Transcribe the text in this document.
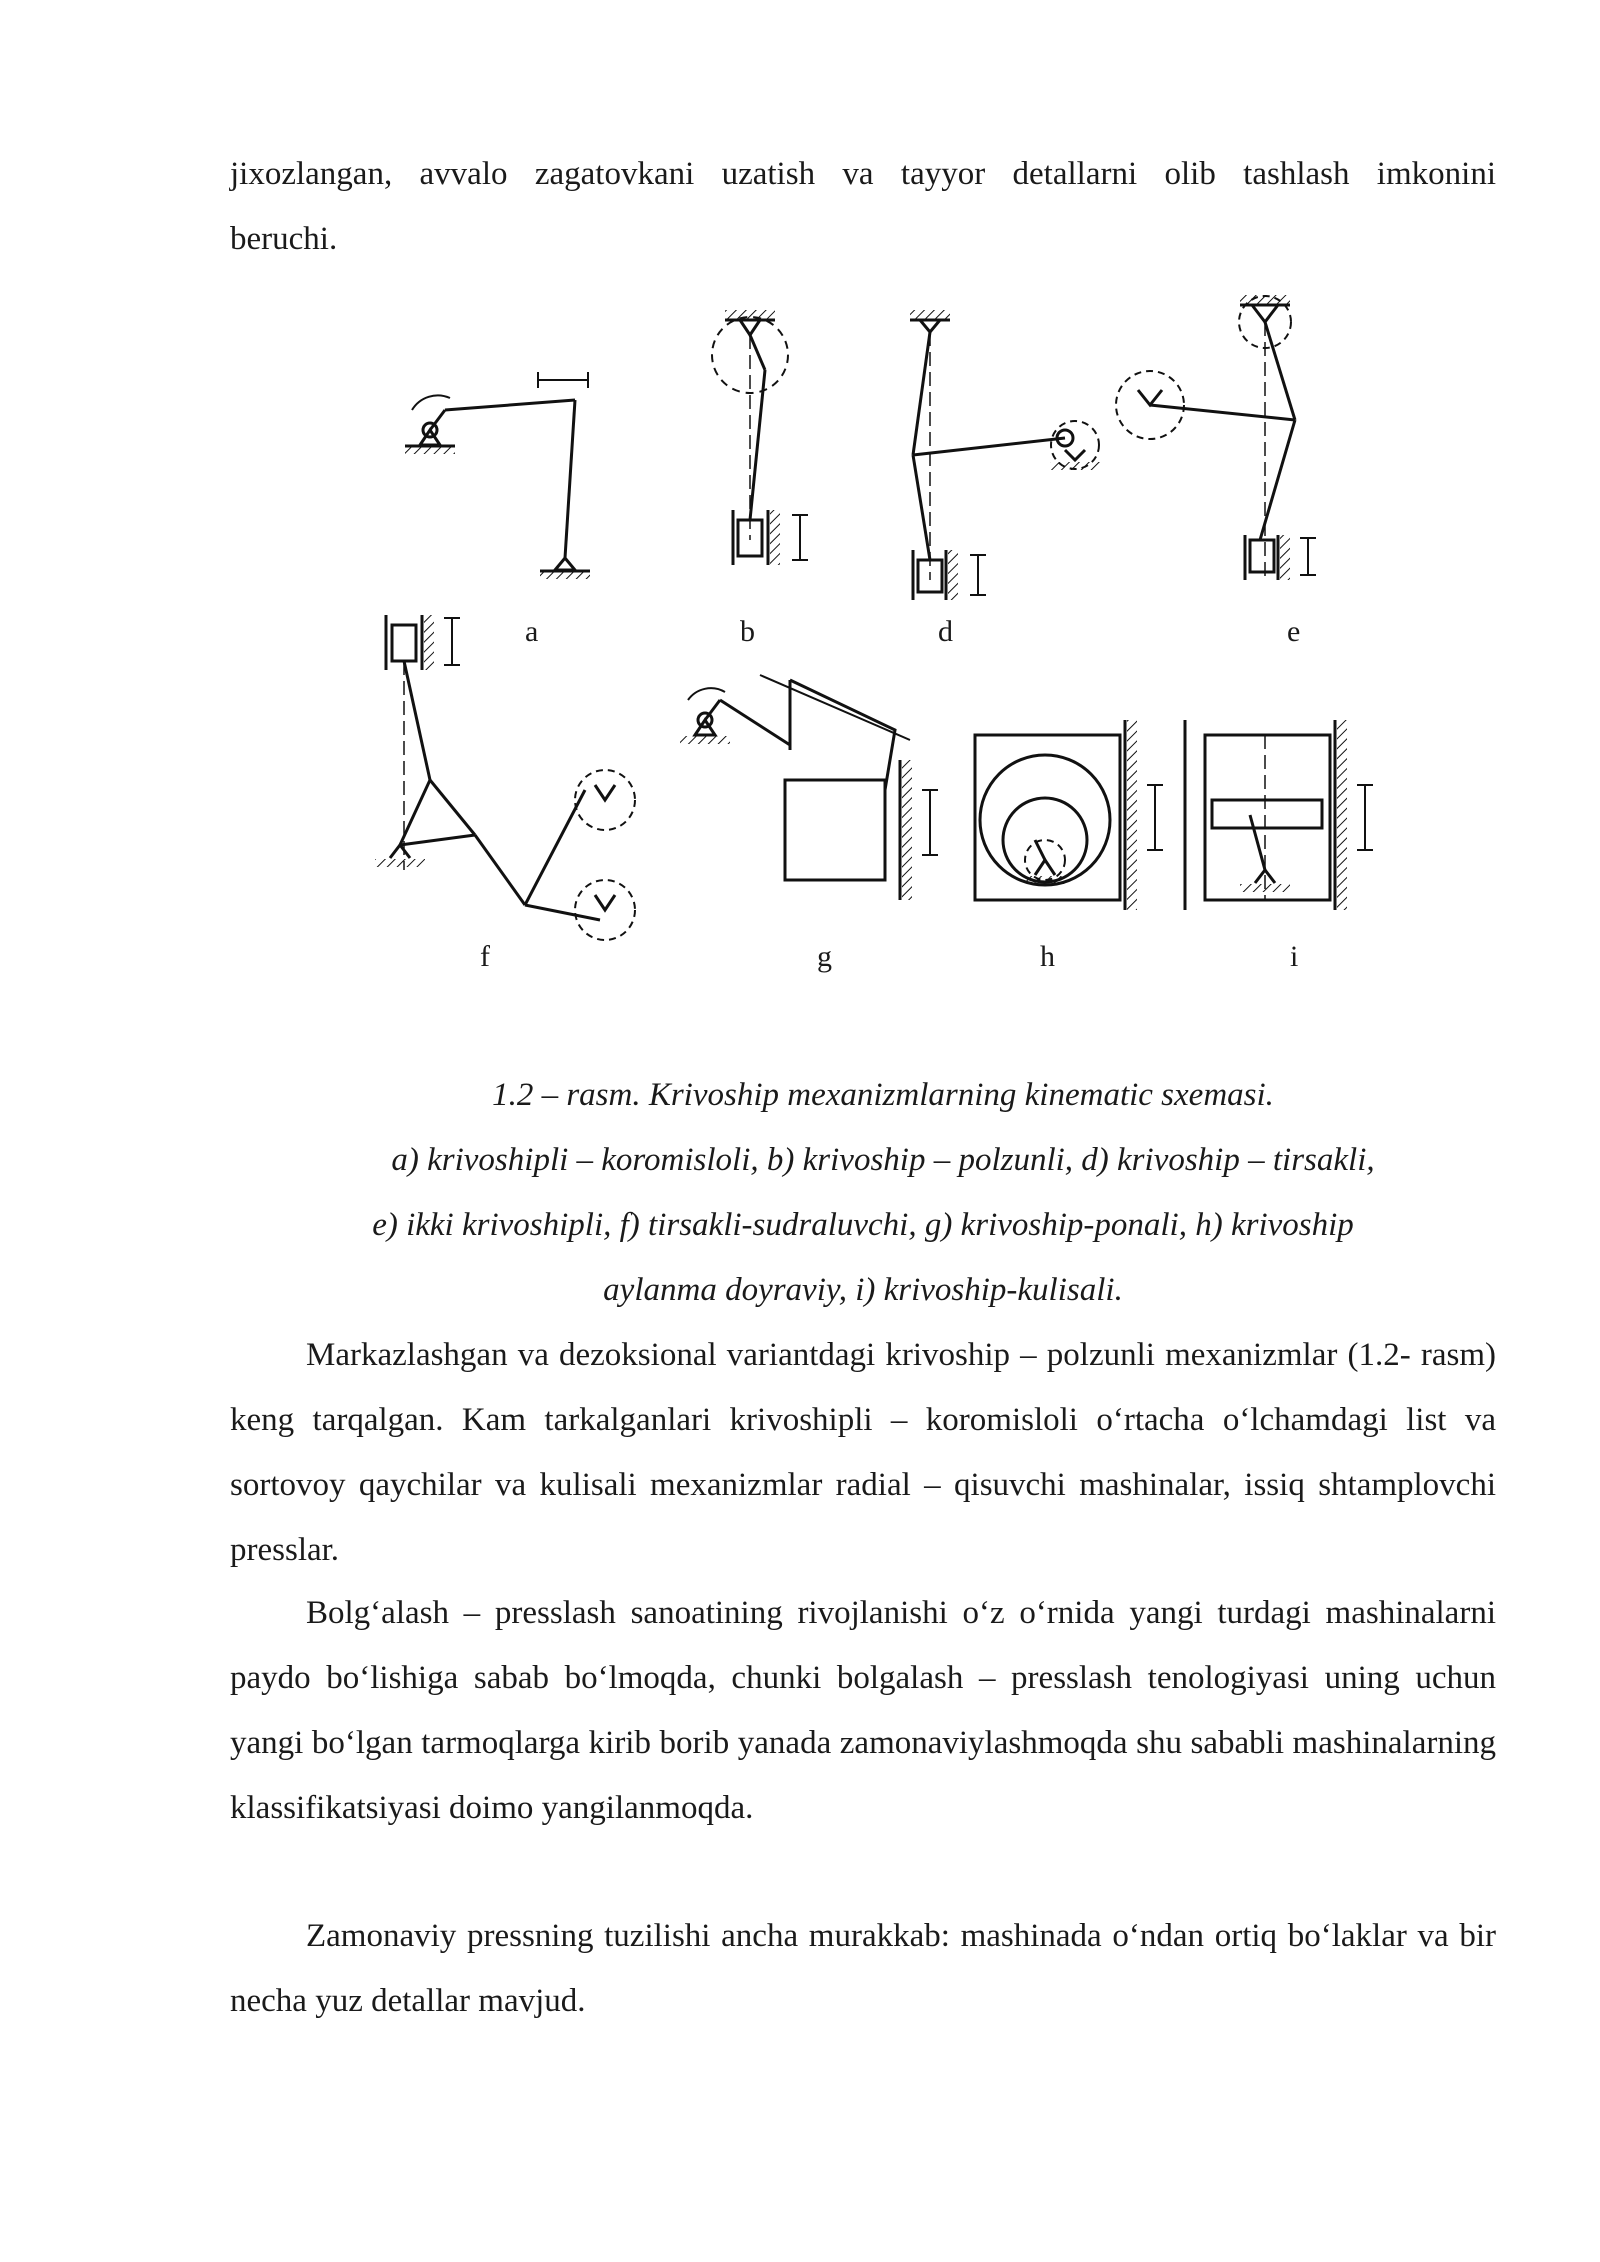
jixozlangan, avvalo zagatovkani uzatish va tayyor detallarni olib tashlash imkonini

beruchi.

a	b	d	e
f	g	h	i

1.2 – rasm. Krivoship mexanizmlarning kinematic sxemasi.

a) krivoshipli – koromisloli, b) krivoship – polzunli, d) krivoship – tirsakli,

e) ikki krivoshipli, f) tirsakli-sudraluvchi, g) krivoship-ponali, h) krivoship

aylanma doyraviy, i) krivoship-kulisali.

Markazlashgan va dezoksional variantdagi krivoship – polzunli mexanizmlar (1.2- rasm) keng tarqalgan. Kam tarkalganlari krivoshipli – koromisloli o‘rtacha o‘lchamdagi list va sortovoy qaychilar va kulisali mexanizmlar radial – qisuvchi mashinalar, issiq shtamplovchi presslar.

Bolg‘alash – presslash sanoatining rivojlanishi o‘z o‘rnida yangi turdagi mashinalarni paydo bo‘lishiga sabab bo‘lmoqda, chunki bolgalash – presslash tenologiyasi uning uchun yangi bo‘lgan tarmoqlarga kirib borib yanada zamonaviylashmoqda shu sababli mashinalarning klassifikatsiyasi doimo yangilanmoqda.

Zamonaviy pressning tuzilishi ancha murakkab: mashinada o‘ndan ortiq bo‘laklar va bir necha yuz detallar mavjud.
